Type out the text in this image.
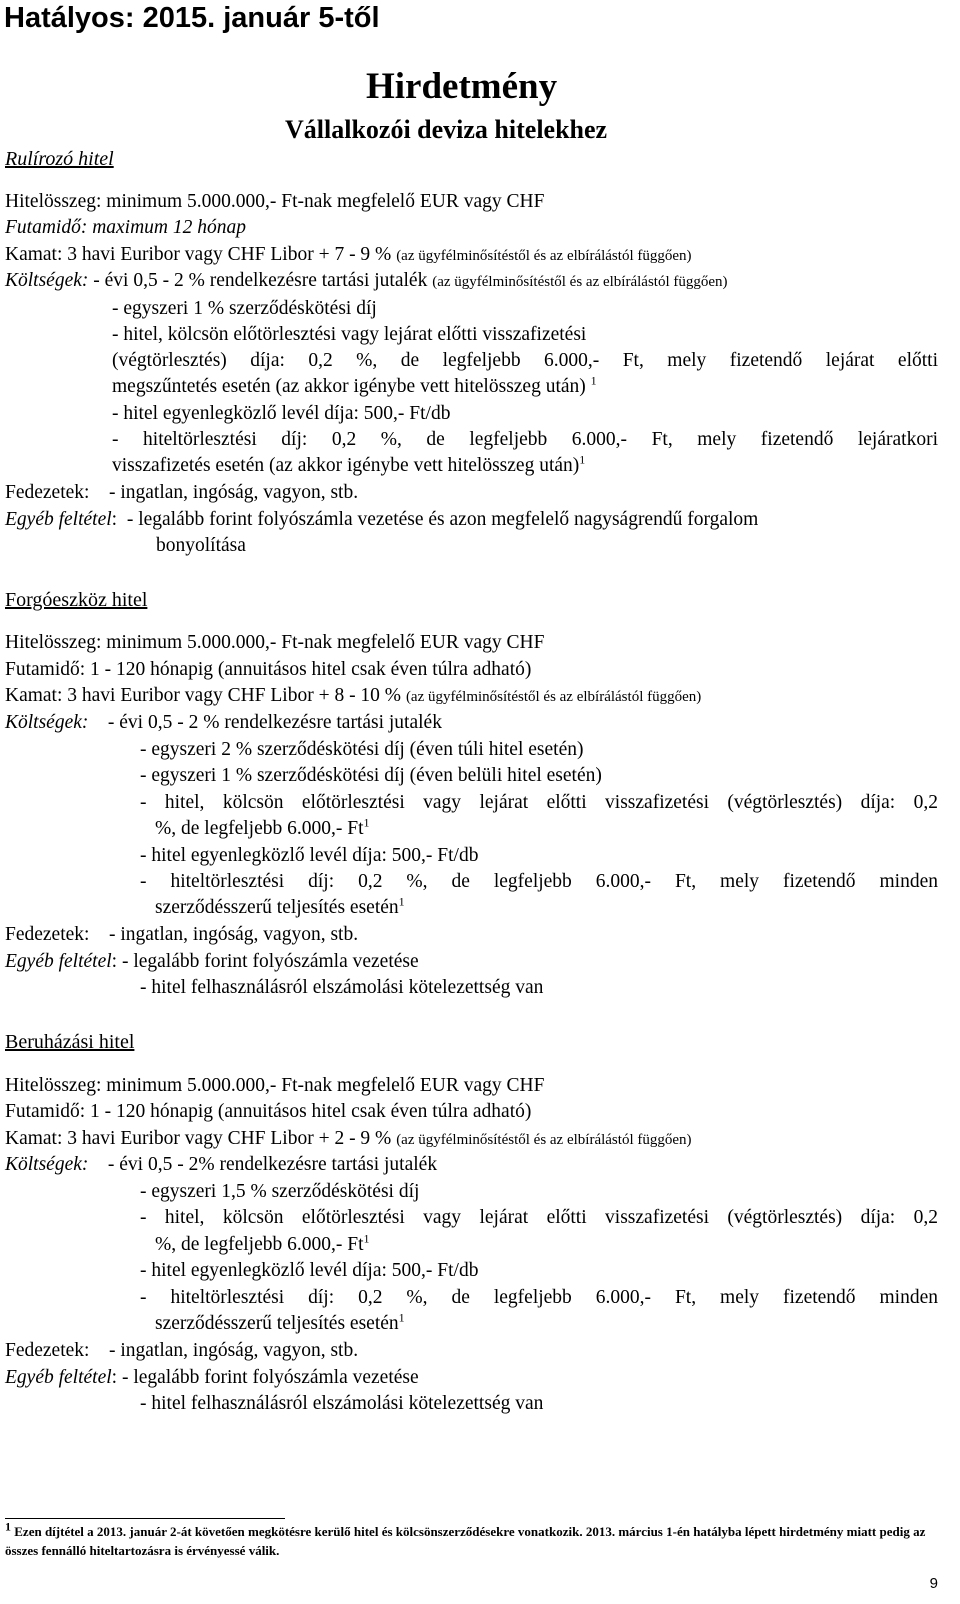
Hatályos: 2015. január 5-től
Hirdetmény
Vállalkozói deviza hitelekhez
Rulírozó hitel
Hitelösszeg: minimum 5.000.000,- Ft-nak megfelelő EUR vagy CHF
Futamidő: maximum 12 hónap
Kamat: 3 havi Euribor vagy CHF Libor + 7 - 9 % (az ügyfélminősítéstől és az elbírálástól függően)
Költségek: - évi 0,5 - 2 % rendelkezésre tartási jutalék (az ügyfélminősítéstől és az elbírálástól függően)
- egyszeri 1 % szerződéskötési díj
- hitel, kölcsön előtörlesztési vagy lejárat előtti visszafizetési
(végtörlesztés) díja: 0,2 %, de legfeljebb 6.000,- Ft, mely fizetendő lejárat előtti
megszűntetés esetén (az akkor igénybe vett hitelösszeg után) $^1$
- hitel egyenlegközlő levél díja: 500,- Ft/db
- hiteltörlesztési díj: 0,2 %, de legfeljebb 6.000,- Ft, mely fizetendő lejáratkori
visszafizetés esetén (az akkor igénybe vett hitelösszeg után)$^1$
Fedezetek: - ingatlan, ingóság, vagyon, stb.
Egyéb feltétel:  - legalább forint folyószámla vezetése és azon megfelelő nagyságrendű forgalom
bonyolítása
Forgóeszköz hitel
Hitelösszeg: minimum 5.000.000,- Ft-nak megfelelő EUR vagy CHF
Futamidő: 1 - 120 hónapig (annuitásos hitel csak éven túlra adható)
Kamat: 3 havi Euribor vagy CHF Libor + 8 - 10 % (az ügyfélminősítéstől és az elbírálástól függően)
Költségek: - évi 0,5 - 2 % rendelkezésre tartási jutalék
- egyszeri 2 % szerződéskötési díj (éven túli hitel esetén)
- egyszeri 1 % szerződéskötési díj (éven belüli hitel esetén)
- hitel, kölcsön előtörlesztési vagy lejárat előtti visszafizetési (végtörlesztés) díja: 0,2
%, de legfeljebb 6.000,- Ft$^1$
- hitel egyenlegközlő levél díja: 500,- Ft/db
- hiteltörlesztési díj: 0,2 %, de legfeljebb 6.000,- Ft, mely fizetendő minden
szerződésszerű teljesítés esetén$^1$
Fedezetek: - ingatlan, ingóság, vagyon, stb.
Egyéb feltétel: - legalább forint folyószámla vezetése
- hitel felhasználásról elszámolási kötelezettség van
Beruházási hitel
Hitelösszeg: minimum 5.000.000,- Ft-nak megfelelő EUR vagy CHF
Futamidő: 1 - 120 hónapig (annuitásos hitel csak éven túlra adható)
Kamat: 3 havi Euribor vagy CHF Libor + 2 - 9 % (az ügyfélminősítéstől és az elbírálástól függően)
Költségek: - évi 0,5 - 2% rendelkezésre tartási jutalék
- egyszeri 1,5 % szerződéskötési díj
- hitel, kölcsön előtörlesztési vagy lejárat előtti visszafizetési (végtörlesztés) díja: 0,2
%, de legfeljebb 6.000,- Ft$^1$
- hitel egyenlegközlő levél díja: 500,- Ft/db
- hiteltörlesztési díj: 0,2 %, de legfeljebb 6.000,- Ft, mely fizetendő minden
szerződésszerű teljesítés esetén$^1$
Fedezetek: - ingatlan, ingóság, vagyon, stb.
Egyéb feltétel: - legalább forint folyószámla vezetése
- hitel felhasználásról elszámolási kötelezettség van
1 Ezen díjtétel a 2013. január 2-át követően megkötésre kerülő hitel és kölcsönszerződésekre vonatkozik. 2013. március 1-én hatályba lépett hirdetmény miatt pedig az összes fennálló hiteltartozásra is érvényessé válik.
9
